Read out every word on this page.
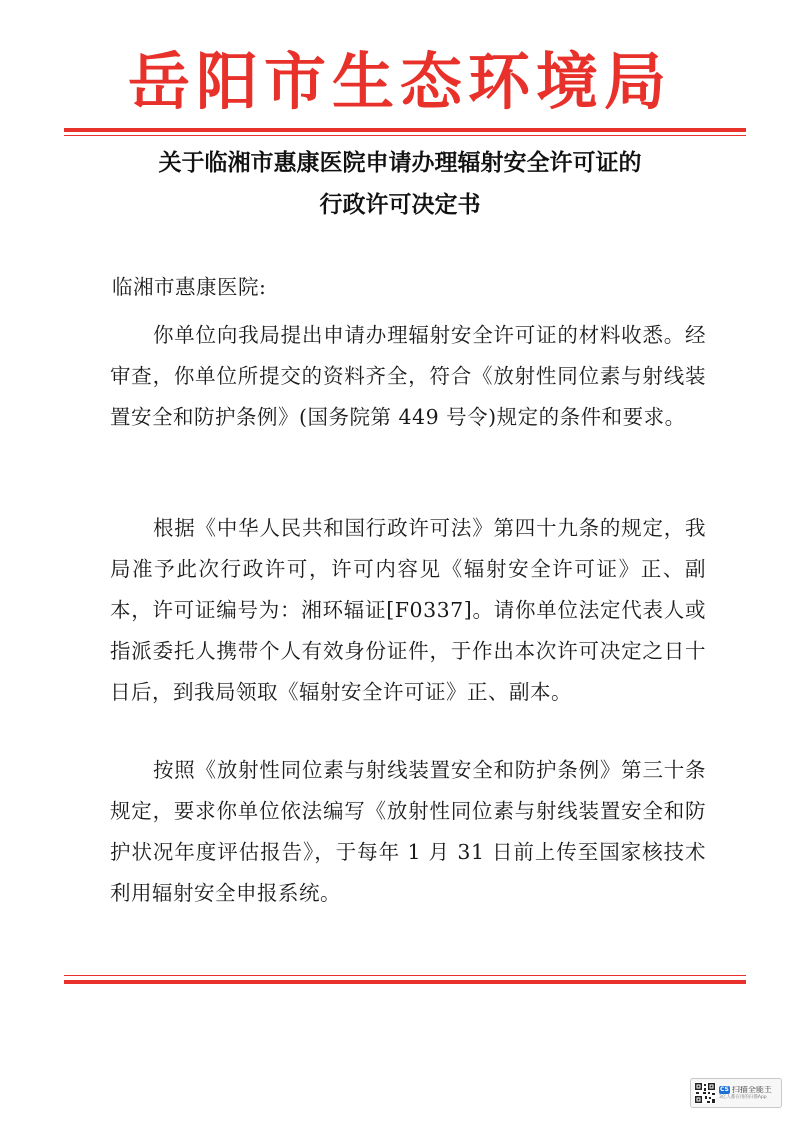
岳阳市生态环境局
关于临湘市惠康医院申请办理辐射安全许可证的
行政许可决定书

临湘市惠康医院:

你单位向我局提出申请办理辐射安全许可证的材料收悉。经审查，你单位所提交的资料齐全，符合《放射性同位素与射线装置安全和防护条例》(国务院第 449 号令)规定的条件和要求。

根据《中华人民共和国行政许可法》第四十九条的规定，我局准予此次行政许可，许可内容见《辐射安全许可证》正、副本，许可证编号为：湘环辐证[F0337]。请你单位法定代表人或指派委托人携带个人有效身份证件，于作出本次许可决定之日十日后，到我局领取《辐射安全许可证》正、副本。

按照《放射性同位素与射线装置安全和防护条例》第三十条规定，要求你单位依法编写《放射性同位素与射线装置安全和防护状况年度评估报告》，于每年 1 月 31 日前上传至国家核技术利用辐射安全申报系统。

CS 扫描全能王
3亿人都在用的扫描App
